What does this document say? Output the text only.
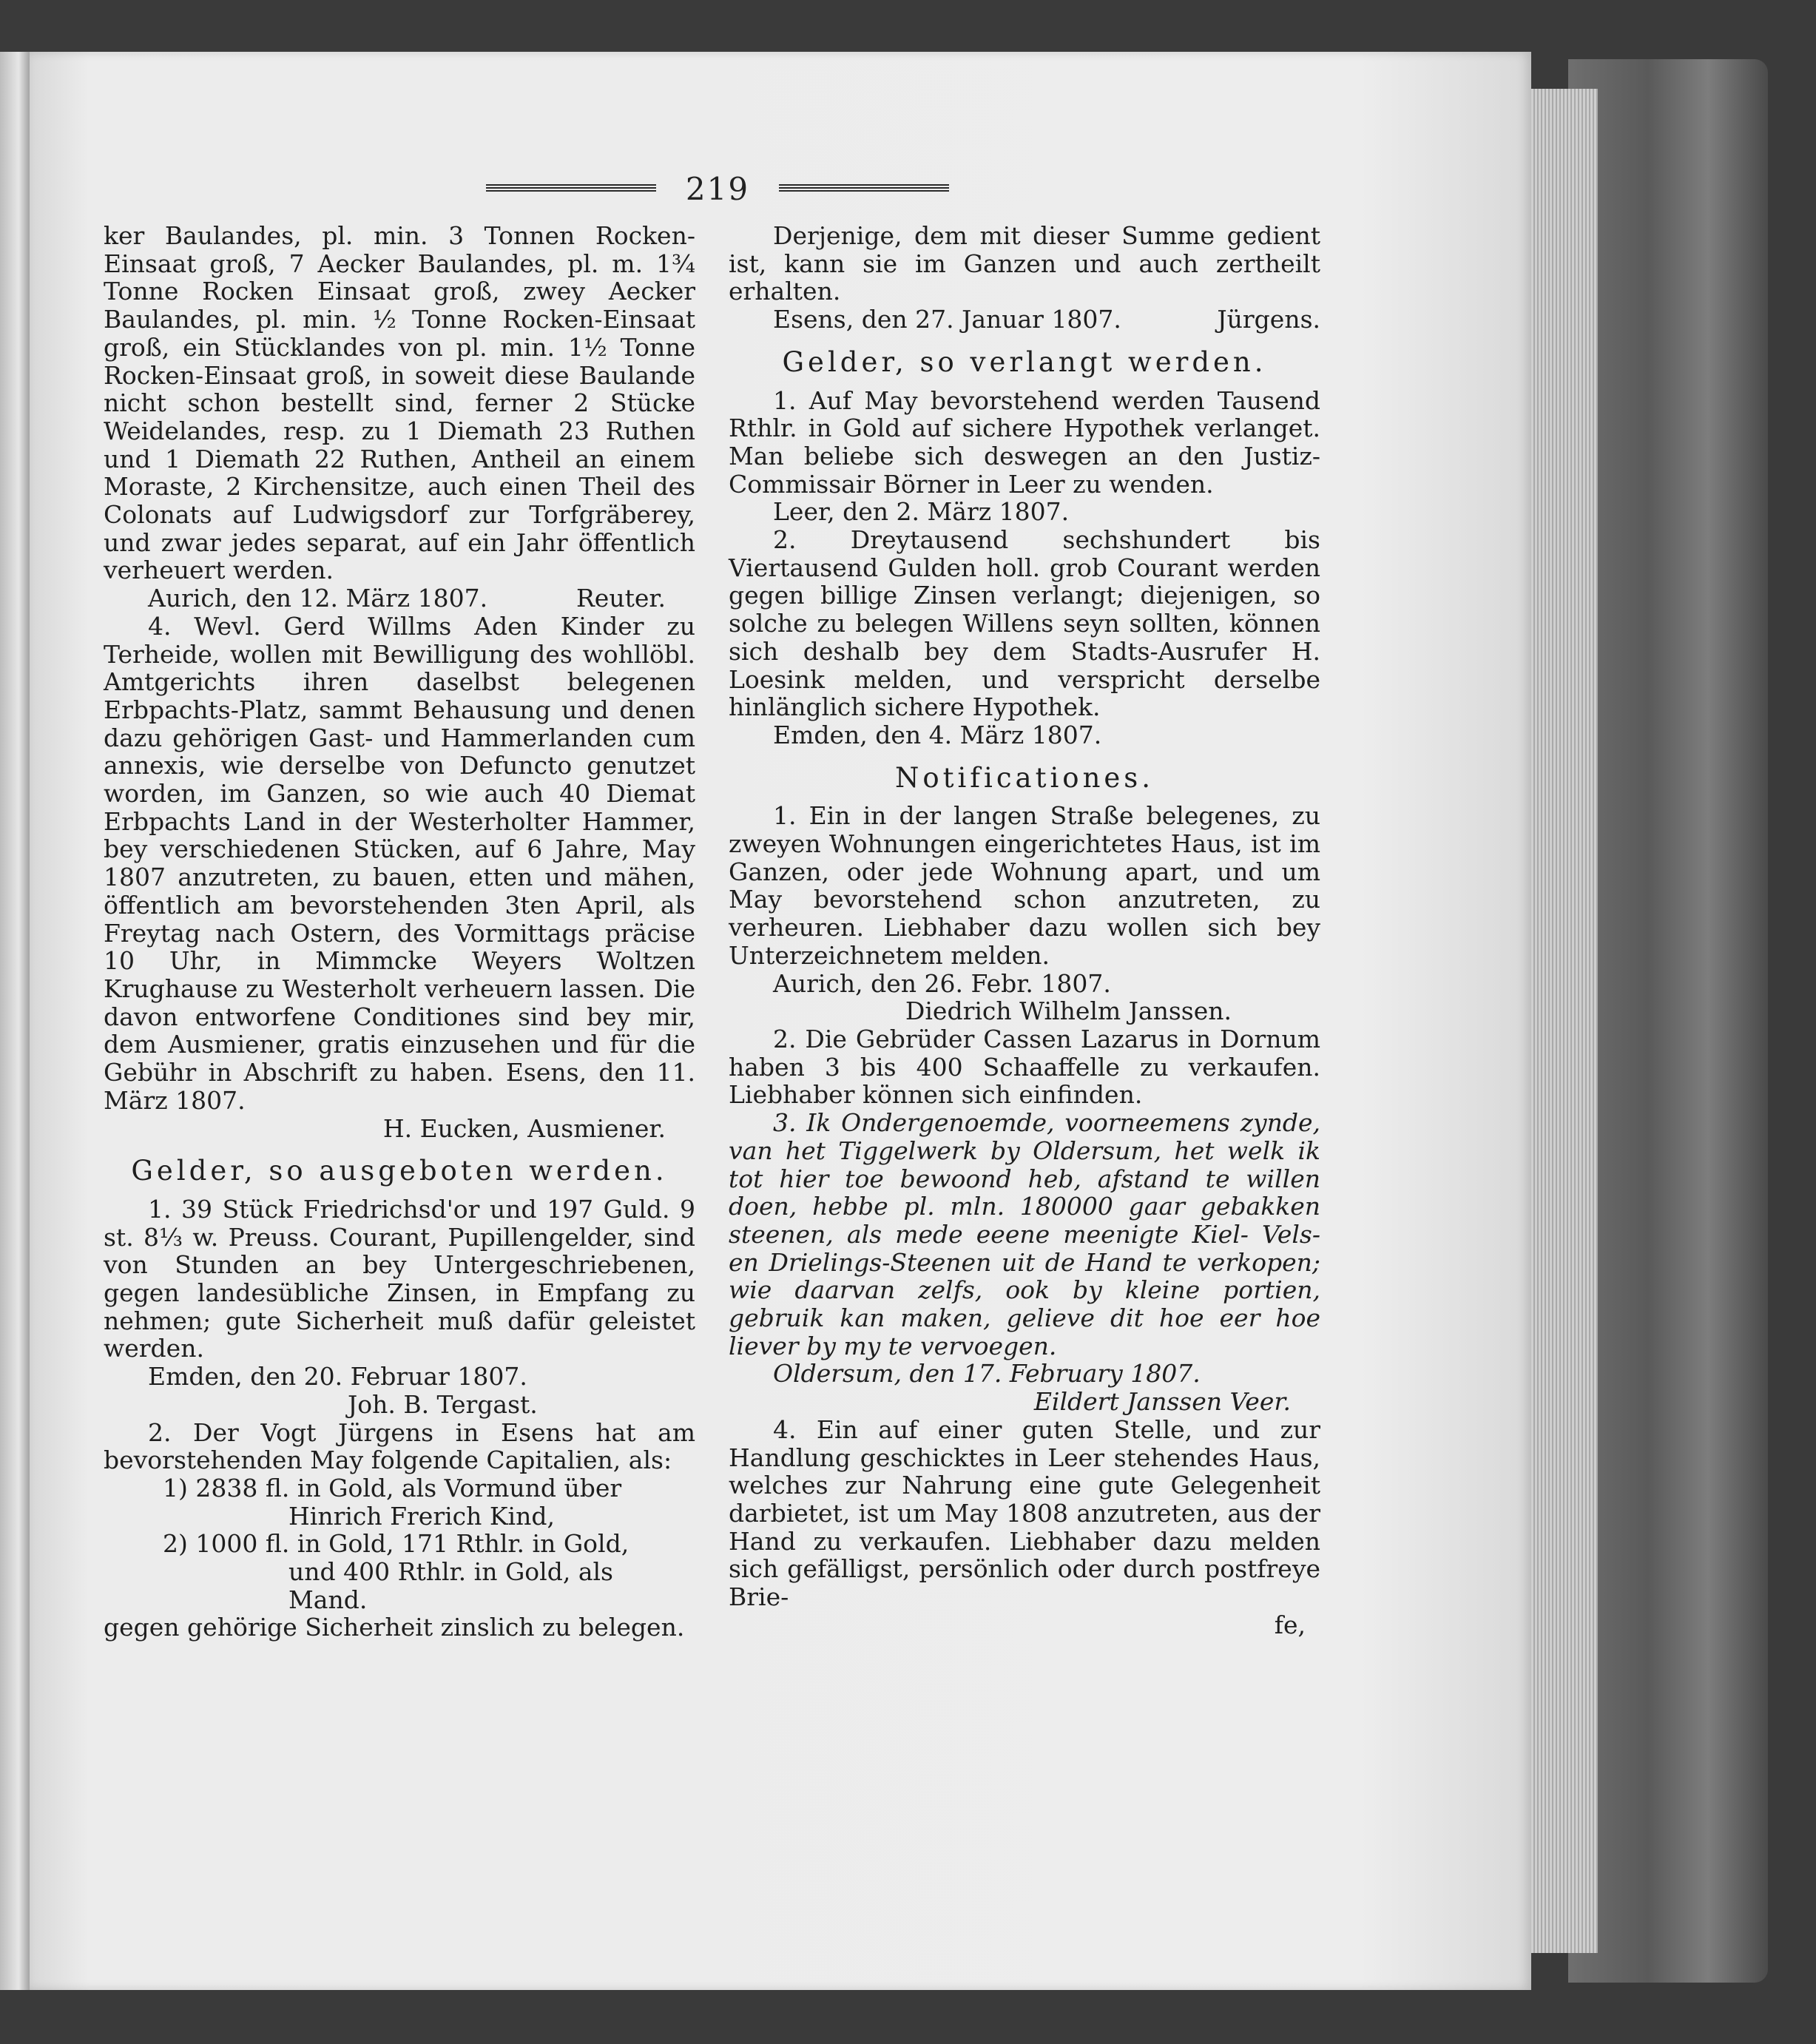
219

ker Baulandes, pl. min. 3 Tonnen Rocken-Einsaat groß, 7 Aecker Baulandes, pl. m. 1¾ Tonne Rocken Einsaat groß, zwey Aecker Baulandes, pl. min. ½ Tonne Rocken-Einsaat groß, ein Stücklandes von pl. min. 1½ Tonne Rocken-Einsaat groß, in soweit diese Baulande nicht schon bestellt sind, ferner 2 Stücke Weidelandes, resp. zu 1 Diemath 23 Ruthen und 1 Diemath 22 Ruthen, Antheil an einem Moraste, 2 Kirchensitze, auch einen Theil des Colonats auf Ludwigsdorf zur Torfgräberey, und zwar jedes separat, auf ein Jahr öffentlich verheuert werden.

Aurich, den 12. März 1807.	Reuter.

4. Wevl. Gerd Willms Aden Kinder zu Terheide, wollen mit Bewilligung des wohllöbl. Amtgerichts ihren daselbst belegenen Erbpachts-Platz, sammt Behausung und denen dazu gehörigen Gast- und Hammerlanden cum annexis, wie derselbe von Defuncto genutzet worden, im Ganzen, so wie auch 40 Diemat Erbpachts Land in der Westerholter Hammer, bey verschiedenen Stücken, auf 6 Jahre, May 1807 anzutreten, zu bauen, etten und mähen, öffentlich am bevorstehenden 3ten April, als Freytag nach Ostern, des Vormittags präcise 10 Uhr, in Mimmcke Weyers Woltzen Krughause zu Westerholt verheuern lassen. Die davon entworfene Conditiones sind bey mir, dem Ausmiener, gratis einzusehen und für die Gebühr in Abschrift zu haben. Esens, den 11. März 1807.

H. Eucken, Ausmiener.

Gelder, so ausgeboten werden.

1. 39 Stück Friedrichsd'or und 197 Guld. 9 st. 8⅓ w. Preuss. Courant, Pupillengelder, sind von Stunden an bey Untergeschriebenen, gegen landesübliche Zinsen, in Empfang zu nehmen; gute Sicherheit muß dafür geleistet werden.

Emden, den 20. Februar 1807.

Joh. B. Tergast.

2. Der Vogt Jürgens in Esens hat am bevorstehenden May folgende Capitalien, als:

1) 2838 fl. in Gold, als Vormund über

Hinrich Frerich Kind,

2) 1000 fl. in Gold, 171 Rthlr. in Gold,

und 400 Rthlr. in Gold, als

Mand.

gegen gehörige Sicherheit zinslich zu belegen.

Derjenige, dem mit dieser Summe gedient ist, kann sie im Ganzen und auch zertheilt erhalten.

Esens, den 27. Januar 1807.	Jürgens.

Gelder, so verlangt werden.

1. Auf May bevorstehend werden Tausend Rthlr. in Gold auf sichere Hypothek verlanget. Man beliebe sich deswegen an den Justiz-Commissair Börner in Leer zu wenden.

Leer, den 2. März 1807.

2. Dreytausend sechshundert bis Viertausend Gulden holl. grob Courant werden gegen billige Zinsen verlangt; diejenigen, so solche zu belegen Willens seyn sollten, können sich deshalb bey dem Stadts-Ausrufer H. Loesink melden, und verspricht derselbe hinlänglich sichere Hypothek.

Emden, den 4. März 1807.

Notificationes.

1. Ein in der langen Straße belegenes, zu zweyen Wohnungen eingerichtetes Haus, ist im Ganzen, oder jede Wohnung apart, und um May bevorstehend schon anzutreten, zu verheuren. Liebhaber dazu wollen sich bey Unterzeichnetem melden.

Aurich, den 26. Febr. 1807.

Diedrich Wilhelm Janssen.

2. Die Gebrüder Cassen Lazarus in Dornum haben 3 bis 400 Schaaffelle zu verkaufen. Liebhaber können sich einfinden.

3. Ik Ondergenoemde, voorneemens zynde, van het Tiggelwerk by Oldersum, het welk ik tot hier toe bewoond heb, afstand te willen doen, hebbe pl. mln. 180000 gaar gebakken steenen, als mede eeene meenigte Kiel- Vels- en Drielings-Steenen uit de Hand te verkopen; wie daarvan zelfs, ook by kleine portien, gebruik kan maken, gelieve dit hoe eer hoe liever by my te vervoegen.

Oldersum, den 17. February 1807.

Eildert Janssen Veer.

4. Ein auf einer guten Stelle, und zur Handlung geschicktes in Leer stehendes Haus, welches zur Nahrung eine gute Gelegenheit darbietet, ist um May 1808 anzutreten, aus der Hand zu verkaufen. Liebhaber dazu melden sich gefälligst, persönlich oder durch postfreye Brie-

fe,
